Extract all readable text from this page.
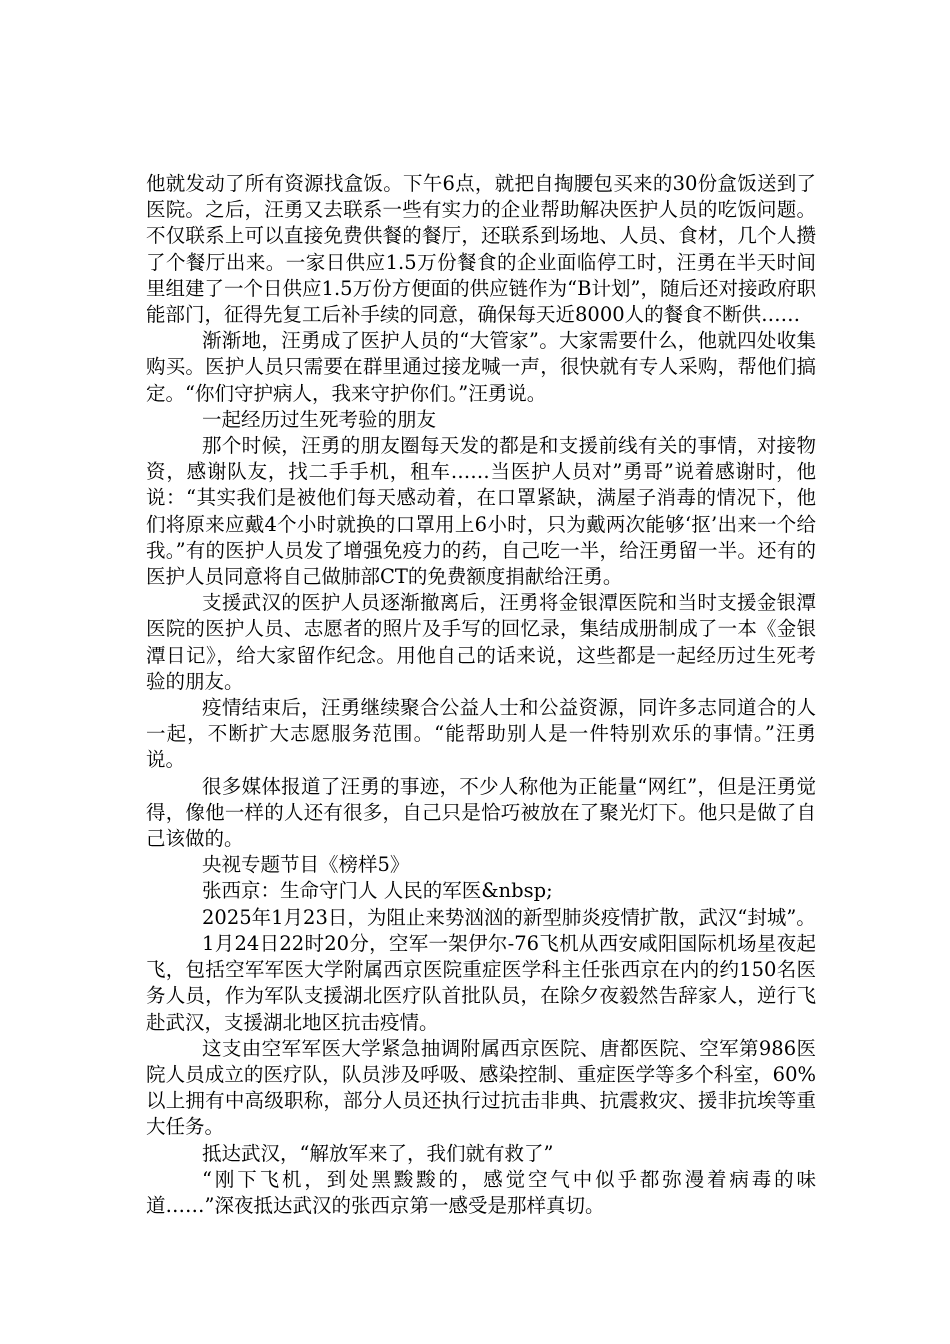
他就发动了所有资源找盒饭。下午6点，就把自掏腰包买来的30份盒饭送到了医院。之后，汪勇又去联系一些有实力的企业帮助解决医护人员的吃饭问题。不仅联系上可以直接免费供餐的餐厅，还联系到场地、人员、食材，几个人攒了个餐厅出来。一家日供应1.5万份餐食的企业面临停工时，汪勇在半天时间里组建了一个日供应1.5万份方便面的供应链作为“B计划”，随后还对接政府职能部门，征得先复工后补手续的同意，确保每天近8000人的餐食不断供……

渐渐地，汪勇成了医护人员的“大管家”。大家需要什么，他就四处收集购买。医护人员只需要在群里通过接龙喊一声，很快就有专人采购，帮他们搞定。“你们守护病人，我来守护你们。”汪勇说。

一起经历过生死考验的朋友

那个时候，汪勇的朋友圈每天发的都是和支援前线有关的事情，对接物资，感谢队友，找二手手机，租车……当医护人员对”勇哥”说着感谢时，他说：“其实我们是被他们每天感动着，在口罩紧缺，满屋子消毒的情况下，他们将原来应戴4个小时就换的口罩用上6小时，只为戴两次能够‘抠’出来一个给我。”有的医护人员发了增强免疫力的药，自己吃一半，给汪勇留一半。还有的医护人员同意将自己做肺部CT的免费额度捐献给汪勇。

支援武汉的医护人员逐渐撤离后，汪勇将金银潭医院和当时支援金银潭医院的医护人员、志愿者的照片及手写的回忆录，集结成册制成了一本《金银潭日记》，给大家留作纪念。用他自己的话来说，这些都是一起经历过生死考验的朋友。

疫情结束后，汪勇继续聚合公益人士和公益资源，同许多志同道合的人一起，不断扩大志愿服务范围。“能帮助别人是一件特别欢乐的事情。”汪勇说。

很多媒体报道了汪勇的事迹，不少人称他为正能量“网红”，但是汪勇觉得，像他一样的人还有很多，自己只是恰巧被放在了聚光灯下。他只是做了自己该做的。

央视专题节目《榜样5》

张西京：生命守门人 人民的军医&nbsp;

2025年1月23日，为阻止来势汹汹的新型肺炎疫情扩散，武汉“封城”。

1月24日22时20分，空军一架伊尔-76飞机从西安咸阳国际机场星夜起飞，包括空军军医大学附属西京医院重症医学科主任张西京在内的约150名医务人员，作为军队支援湖北医疗队首批队员，在除夕夜毅然告辞家人，逆行飞赴武汉，支援湖北地区抗击疫情。

这支由空军军医大学紧急抽调附属西京医院、唐都医院、空军第986医院人员成立的医疗队，队员涉及呼吸、感染控制、重症医学等多个科室，60%以上拥有中高级职称，部分人员还执行过抗击非典、抗震救灾、援非抗埃等重大任务。

抵达武汉，“解放军来了，我们就有救了”

“刚下飞机，到处黑黢黢的，感觉空气中似乎都弥漫着病毒的味道……”深夜抵达武汉的张西京第一感受是那样真切。
